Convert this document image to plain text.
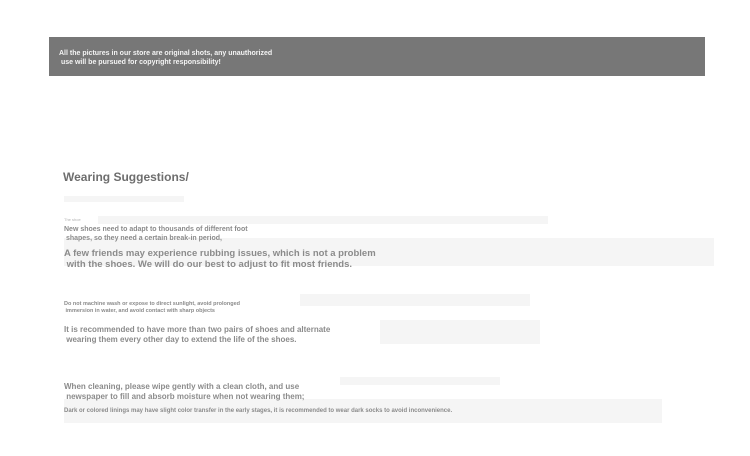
All the pictures in our store are original shots, any unauthorized
use will be pursued for copyright responsibility!
Wearing Suggestions/
The shoe
New shoes need to adapt to thousands of different foot
shapes, so they need a certain break-in period,
A few friends may experience rubbing issues, which is not a problem
with the shoes. We will do our best to adjust to fit most friends.
Do not machine wash or expose to direct sunlight, avoid prolonged
immersion in water, and avoid contact with sharp objects
It is recommended to have more than two pairs of shoes and alternate
wearing them every other day to extend the life of the shoes.
When cleaning, please wipe gently with a clean cloth, and use
newspaper to fill and absorb moisture when not wearing them;
Dark or colored linings may have slight color transfer in the early stages, it is recommended to wear dark socks to avoid inconvenience.
